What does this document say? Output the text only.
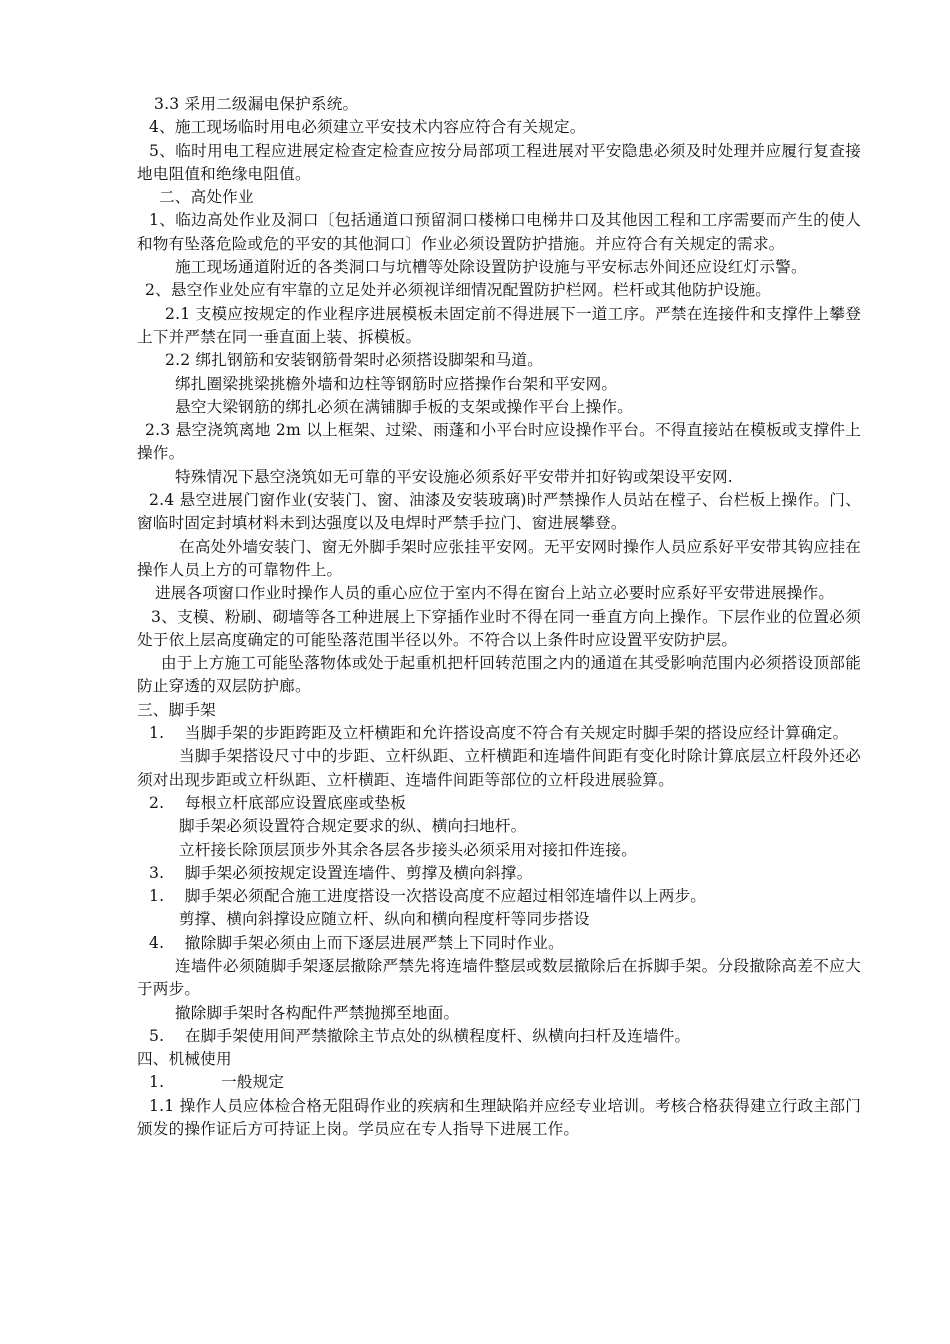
3.3 采用二级漏电保护系统。

4、施工现场临时用电必须建立平安技术内容应符合有关规定。

5、临时用电工程应进展定检查定检查应按分局部项工程进展对平安隐患必须及时处理并应履行复查接地电阻值和绝缘电阻值。

二、高处作业

1、临边高处作业及洞口〔包括通道口预留洞口楼梯口电梯井口及其他因工程和工序需要而产生的使人和物有坠落危险或危的平安的其他洞口〕作业必须设置防护措施。并应符合有关规定的需求。

施工现场通道附近的各类洞口与坑槽等处除设置防护设施与平安标志外间还应设红灯示警。

2、悬空作业处应有牢靠的立足处并必须视详细情况配置防护栏网。栏杆或其他防护设施。

2.1 支模应按规定的作业程序进展模板未固定前不得进展下一道工序。严禁在连接件和支撑件上攀登上下并严禁在同一垂直面上装、拆模板。

2.2 绑扎钢筋和安装钢筋骨架时必须搭设脚架和马道。

绑扎圈梁挑梁挑檐外墙和边柱等钢筋时应搭操作台架和平安网。

悬空大梁钢筋的绑扎必须在满铺脚手板的支架或操作平台上操作。

2.3 悬空浇筑离地 2m 以上框架、过梁、雨蓬和小平台时应设操作平台。不得直接站在模板或支撑件上操作。

特殊情况下悬空浇筑如无可靠的平安设施必须系好平安带并扣好钩或架设平安网.

2.4 悬空进展门窗作业(安装门、窗、油漆及安装玻璃)时严禁操作人员站在樘子、台栏板上操作。门、窗临时固定封填材料未到达强度以及电焊时严禁手拉门、窗进展攀登。

在高处外墙安装门、窗无外脚手架时应张挂平安网。无平安网时操作人员应系好平安带其钩应挂在操作人员上方的可靠物件上。

进展各项窗口作业时操作人员的重心应位于室内不得在窗台上站立必要时应系好平安带进展操作。

3、支模、粉刷、砌墙等各工种进展上下穿插作业时不得在同一垂直方向上操作。下层作业的位置必须处于依上层高度确定的可能坠落范围半径以外。不符合以上条件时应设置平安防护层。

由于上方施工可能坠落物体或处于起重机把杆回转范围之内的通道在其受影响范围内必须搭设顶部能防止穿透的双层防护廊。

三、脚手架

1.    当脚手架的步距跨距及立杆横距和允许搭设高度不符合有关规定时脚手架的搭设应经计算确定。

当脚手架搭设尺寸中的步距、立杆纵距、立杆横距和连墙件间距有变化时除计算底层立杆段外还必须对出现步距或立杆纵距、立杆横距、连墙件间距等部位的立杆段进展验算。

2.    每根立杆底部应设置底座或垫板

脚手架必须设置符合规定要求的纵、横向扫地杆。

立杆接长除顶层顶步外其余各层各步接头必须采用对接扣件连接。

3.    脚手架必须按规定设置连墙件、剪撑及横向斜撑。

1.    脚手架必须配合施工进度搭设一次搭设高度不应超过相邻连墙件以上两步。

剪撑、横向斜撑设应随立杆、纵向和横向程度杆等同步搭设

4.    撤除脚手架必须由上而下逐层进展严禁上下同时作业。

连墙件必须随脚手架逐层撤除严禁先将连墙件整层或数层撤除后在拆脚手架。分段撤除高差不应大于两步。

撤除脚手架时各构配件严禁抛掷至地面。

5.    在脚手架使用间严禁撤除主节点处的纵横程度杆、纵横向扫杆及连墙件。

四、机械使用

1.           一般规定

1.1 操作人员应体检合格无阻碍作业的疾病和生理缺陷并应经专业培训。考核合格获得建立行政主部门颁发的操作证后方可持证上岗。学员应在专人指导下进展工作。
